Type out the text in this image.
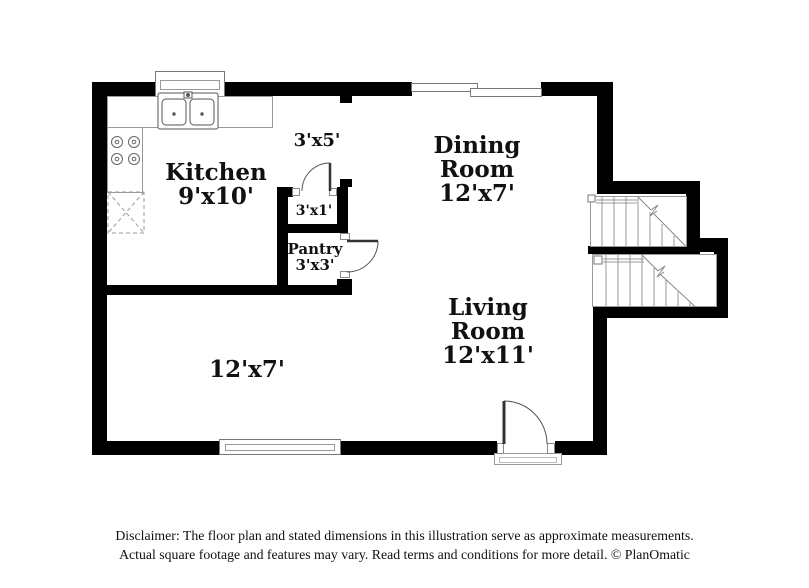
Kitchen
9'x10'
3'x5'	Dining
Room
12'x7'
3'x1'
Pantry
3'x3'
Living
Room
12'x11'
12'x7'
Disclaimer: The floor plan and stated dimensions in this illustration serve as approximate measurements.
Actual square footage and features may vary. Read terms and conditions for more detail. © PlanOmatic
